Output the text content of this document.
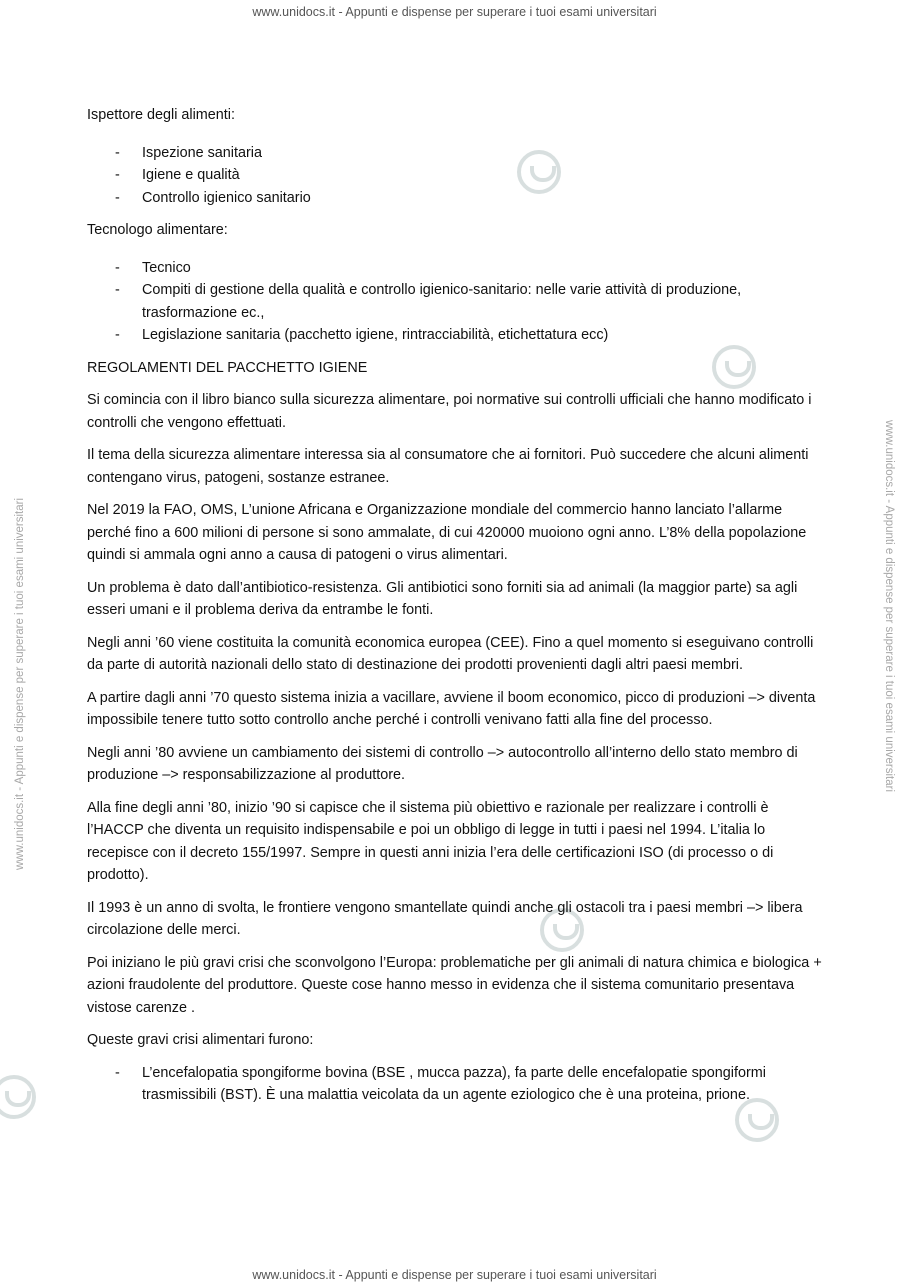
www.unidocs.it - Appunti e dispense per superare i tuoi esami universitari
www.unidocs.it - Appunti e dispense per superare i tuoi esami universitari	www.unidocs.it - Appunti e dispense per superare i tuoi esami universitari

Ispettore degli alimenti:

- Ispezione sanitaria
- Igiene e qualità
- Controllo igienico sanitario

Tecnologo alimentare:

- Tecnico
- Compiti di gestione della qualità e controllo igienico-sanitario: nelle varie attività di produzione, trasformazione ec.,
- Legislazione sanitaria (pacchetto igiene, rintracciabilità, etichettatura ecc)

REGOLAMENTI DEL PACCHETTO IGIENE

Si comincia con il libro bianco sulla sicurezza alimentare, poi normative sui controlli ufficiali che hanno modificato i controlli che vengono effettuati.

Il tema della sicurezza alimentare interessa sia al consumatore che ai fornitori. Può succedere che alcuni alimenti contengano virus, patogeni, sostanze estranee.

Nel 2019 la FAO, OMS, L’unione Africana e Organizzazione mondiale del commercio hanno lanciato l’allarme perché fino a 600 milioni di persone si sono ammalate, di cui 420000 muoiono ogni anno. L’8% della popolazione quindi si ammala ogni anno a causa di patogeni o virus alimentari.

Un problema è dato dall’antibiotico-resistenza. Gli antibiotici sono forniti sia ad animali (la maggior parte) sa agli esseri umani e il problema deriva da entrambe le fonti.

Negli anni ’60 viene costituita la comunità economica europea (CEE). Fino a quel momento si eseguivano controlli da parte di autorità nazionali dello stato di destinazione dei prodotti provenienti dagli altri paesi membri.

A partire dagli anni ’70 questo sistema inizia a vacillare, avviene il boom economico, picco di produzioni –> diventa impossibile tenere tutto sotto controllo anche perché i controlli venivano fatti alla fine del processo.

Negli anni ’80 avviene un cambiamento dei sistemi di controllo –> autocontrollo all’interno dello stato membro di produzione –> responsabilizzazione al produttore.

Alla fine degli anni ’80, inizio ’90 si capisce che il sistema più obiettivo e razionale per realizzare i controlli è l’HACCP che diventa un requisito indispensabile e poi un obbligo di legge in tutti i paesi nel 1994. L’italia lo recepisce con il decreto 155/1997. Sempre in questi anni inizia l’era delle certificazioni ISO (di processo o di prodotto).

Il 1993 è un anno di svolta, le frontiere vengono smantellate quindi anche gli ostacoli tra i paesi membri –> libera circolazione delle merci.

Poi iniziano le più gravi crisi che sconvolgono l’Europa: problematiche per gli animali di natura chimica e biologica + azioni fraudolente del produttore. Queste cose hanno messo in evidenza che il sistema comunitario presentava vistose carenze .

Queste gravi crisi alimentari furono:

- L’encefalopatia spongiforme bovina (BSE , mucca pazza), fa parte delle encefalopatie spongiformi trasmissibili (BST). È una malattia veicolata da un agente eziologico che è una proteina, prione.
www.unidocs.it - Appunti e dispense per superare i tuoi esami universitari
